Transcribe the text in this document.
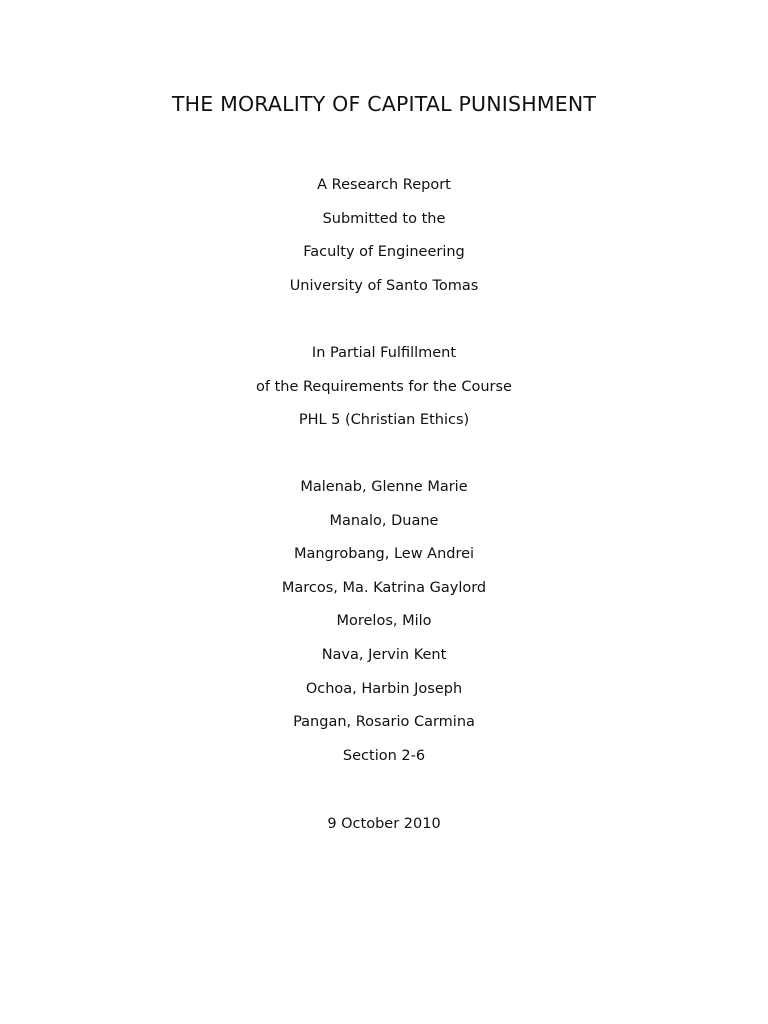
THE MORALITY OF CAPITAL PUNISHMENT
A Research Report
Submitted to the
Faculty of Engineering
University of Santo Tomas
In Partial Fulfillment
of the Requirements for the Course
PHL 5 (Christian Ethics)
Malenab, Glenne Marie
Manalo, Duane
Mangrobang, Lew Andrei
Marcos, Ma. Katrina Gaylord
Morelos, Milo
Nava, Jervin Kent
Ochoa, Harbin Joseph
Pangan, Rosario Carmina
Section 2-6
9 October 2010
